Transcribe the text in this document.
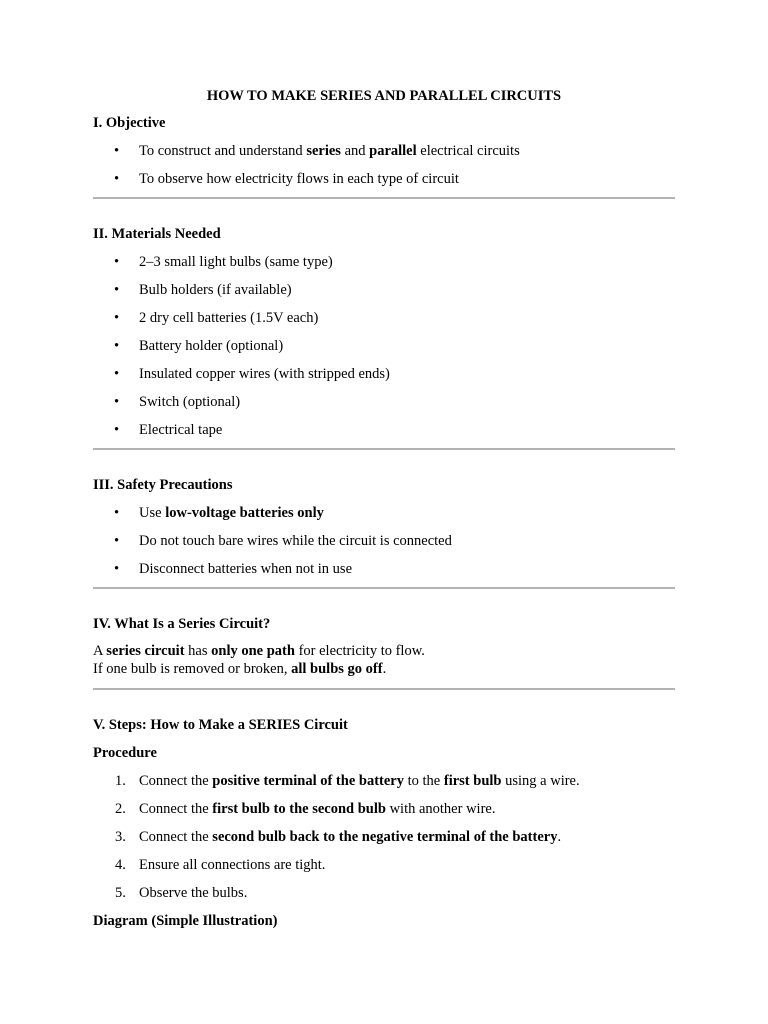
HOW TO MAKE SERIES AND PARALLEL CIRCUITS
I. Objective
• To construct and understand series and parallel electrical circuits
• To observe how electricity flows in each type of circuit
II. Materials Needed
• 2–3 small light bulbs (same type)
• Bulb holders (if available)
• 2 dry cell batteries (1.5V each)
• Battery holder (optional)
• Insulated copper wires (with stripped ends)
• Switch (optional)
• Electrical tape
III. Safety Precautions
• Use low-voltage batteries only
• Do not touch bare wires while the circuit is connected
• Disconnect batteries when not in use
IV. What Is a Series Circuit?

A series circuit has only one path for electricity to flow.

If one bulb is removed or broken, all bulbs go off.

V. Steps: How to Make a SERIES Circuit
Procedure
1. Connect the positive terminal of the battery to the first bulb using a wire.
2. Connect the first bulb to the second bulb with another wire.
3. Connect the second bulb back to the negative terminal of the battery.
4. Ensure all connections are tight.
5. Observe the bulbs.
Diagram (Simple Illustration)
